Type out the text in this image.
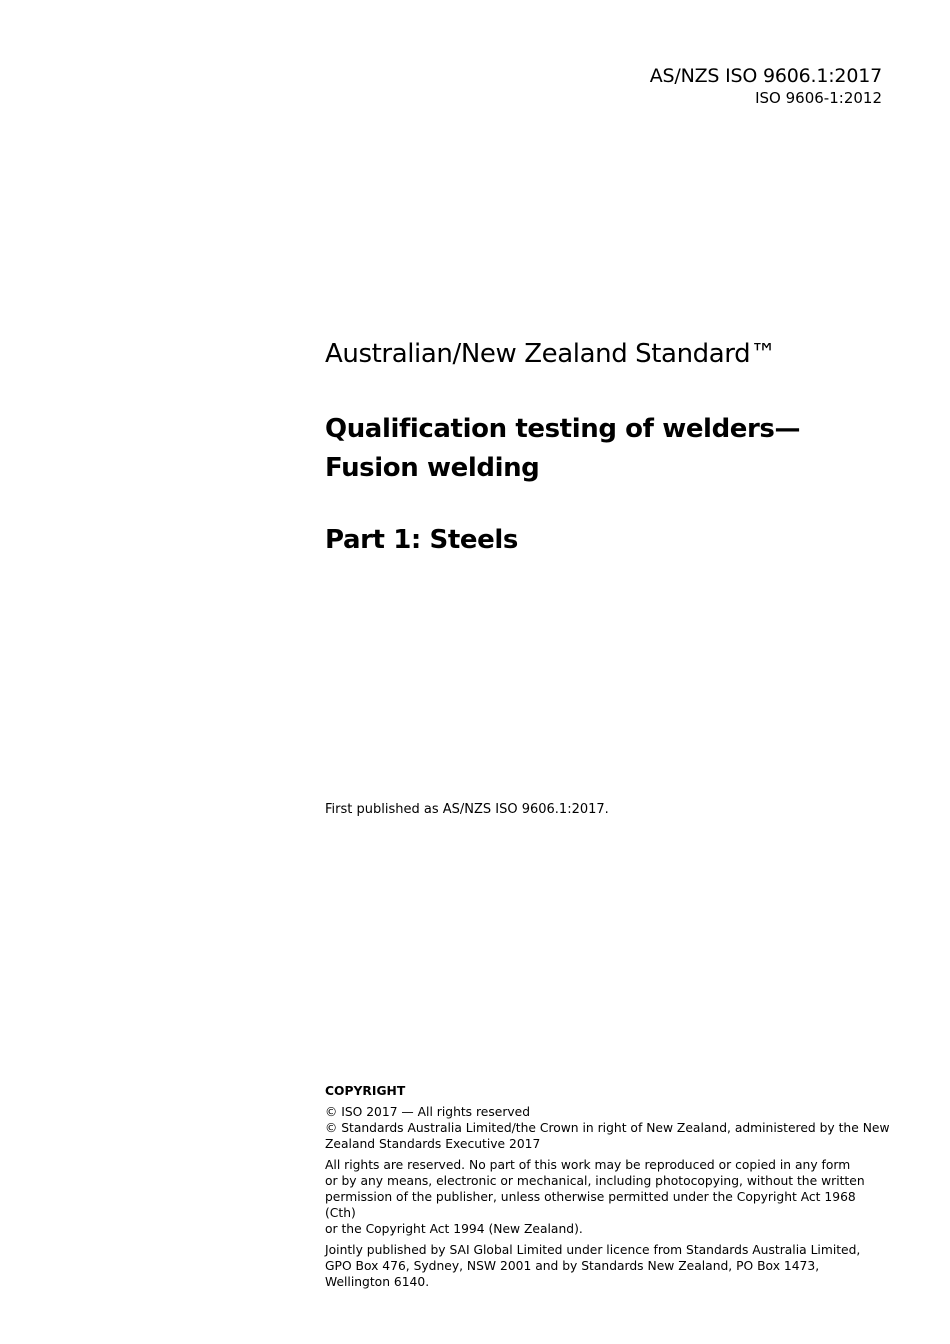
AS/NZS ISO 9606.1:2017
ISO 9606-1:2012

Australian/New Zealand Standard™

Qualification testing of welders—
Fusion welding
Part 1: Steels
First published as AS/NZS ISO 9606.1:2017.
COPYRIGHT
© ISO 2017 — All rights reserved
© Standards Australia Limited/the Crown in right of New Zealand, administered by the New
Zealand Standards Executive 2017
All rights are reserved. No part of this work may be reproduced or copied in any form
or by any means, electronic or mechanical, including photocopying, without the written
permission of the publisher, unless otherwise permitted under the Copyright Act 1968 (Cth)
or the Copyright Act 1994 (New Zealand).
Jointly published by SAI Global Limited under licence from Standards Australia Limited,
GPO Box 476, Sydney, NSW 2001 and by Standards New Zealand, PO Box 1473,
Wellington 6140.
